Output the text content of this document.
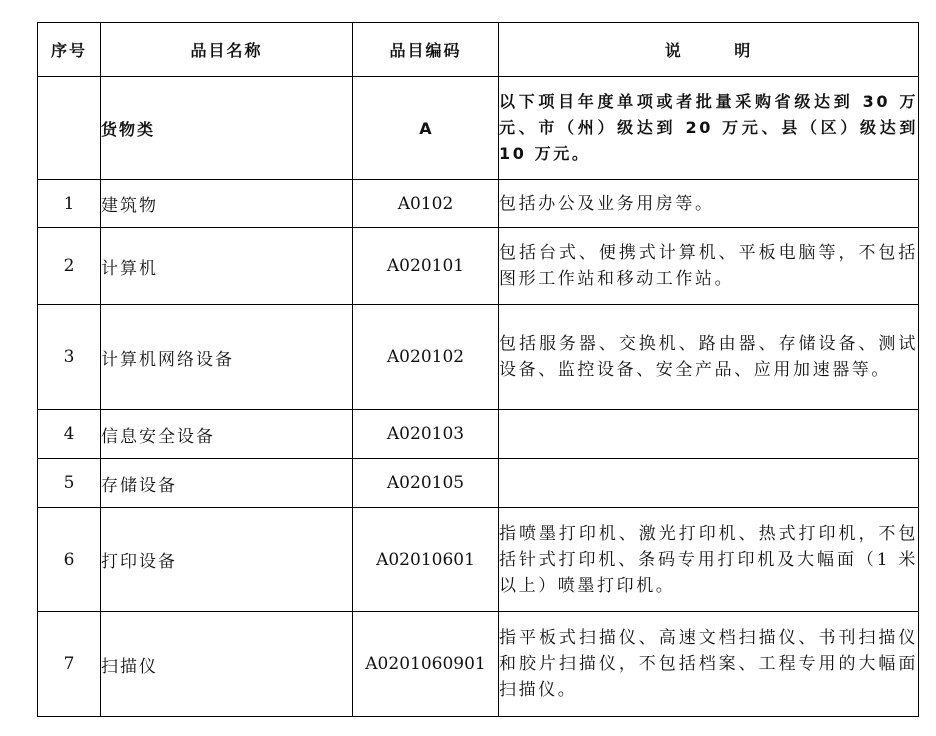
序号	品目名称	品目编码	说 明
	货物类	A	以下项目年度单项或者批量采购省级达到 30 万元、市（州）级达到 20 万元、县（区）级达到 10 万元。
1	建筑物	A0102	包括办公及业务用房等。
2	计算机	A020101	包括台式、便携式计算机、平板电脑等，不包括图形工作站和移动工作站。
3	计算机网络设备	A020102	包括服务器、交换机、路由器、存储设备、测试设备、监控设备、安全产品、应用加速器等。
4	信息安全设备	A020103	
5	存储设备	A020105	
6	打印设备	A02010601	指喷墨打印机、激光打印机、热式打印机，不包括针式打印机、条码专用打印机及大幅面（1 米以上）喷墨打印机。
7	扫描仪	A0201060901	指平板式扫描仪、高速文档扫描仪、书刊扫描仪和胶片扫描仪，不包括档案、工程专用的大幅面扫描仪。
